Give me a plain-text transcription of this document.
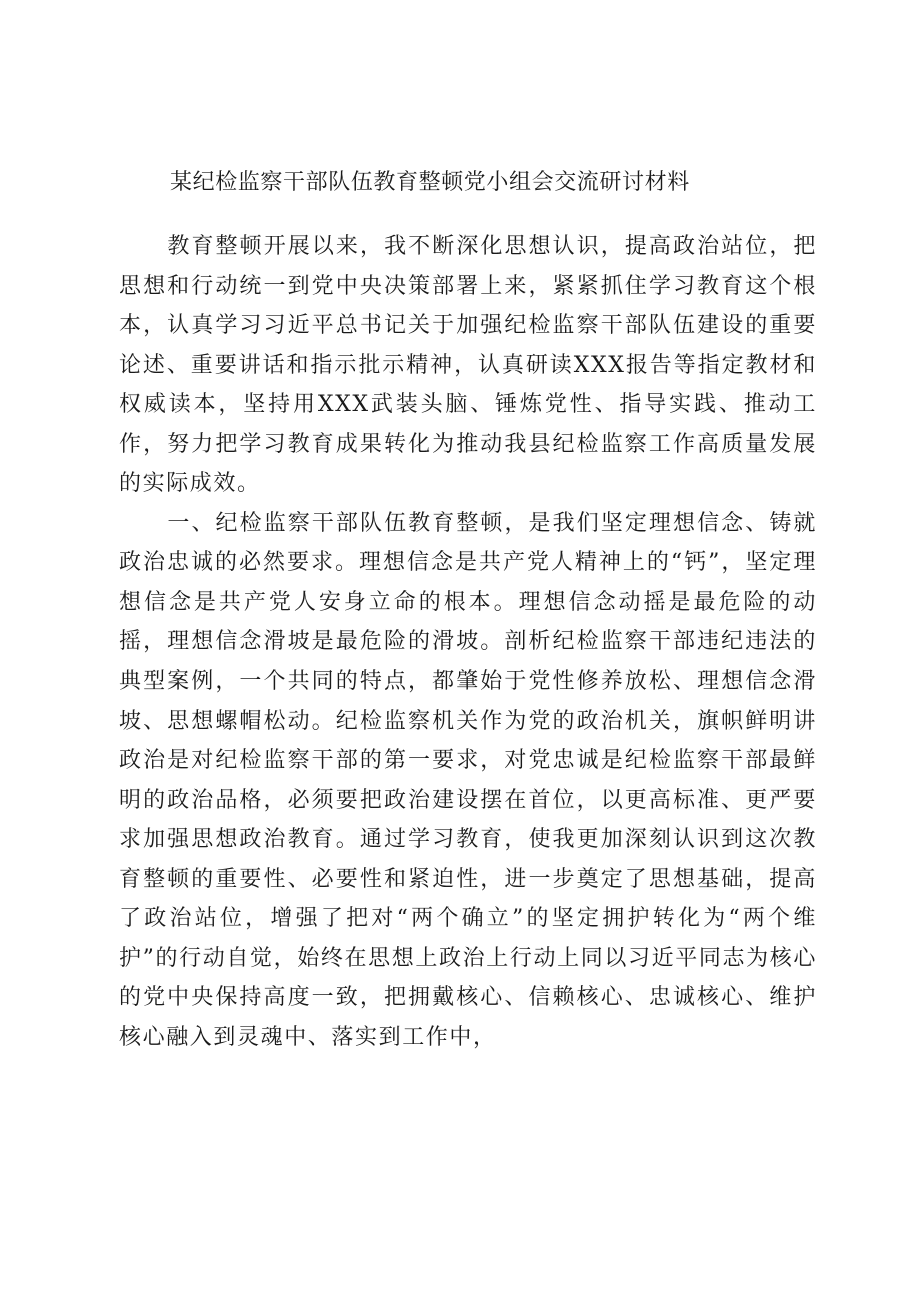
某纪检监察干部队伍教育整顿党小组会交流研讨材料

教育整顿开展以来，我不断深化思想认识，提高政治站位，把思想和行动统一到党中央决策部署上来，紧紧抓住学习教育这个根本，认真学习习近平总书记关于加强纪检监察干部队伍建设的重要论述、重要讲话和指示批示精神，认真研读XXX报告等指定教材和权威读本，坚持用XXX武装头脑、锤炼党性、指导实践、推动工作，努力把学习教育成果转化为推动我县纪检监察工作高质量发展的实际成效。

一、纪检监察干部队伍教育整顿，是我们坚定理想信念、铸就政治忠诚的必然要求。理想信念是共产党人精神上的“钙”，坚定理想信念是共产党人安身立命的根本。理想信念动摇是最危险的动摇，理想信念滑坡是最危险的滑坡。剖析纪检监察干部违纪违法的典型案例，一个共同的特点，都肇始于党性修养放松、理想信念滑坡、思想螺帽松动。纪检监察机关作为党的政治机关，旗帜鲜明讲政治是对纪检监察干部的第一要求，对党忠诚是纪检监察干部最鲜明的政治品格，必须要把政治建设摆在首位，以更高标准、更严要求加强思想政治教育。通过学习教育，使我更加深刻认识到这次教育整顿的重要性、必要性和紧迫性，进一步奠定了思想基础，提高了政治站位，增强了把对“两个确立”的坚定拥护转化为“两个维护”的行动自觉，始终在思想上政治上行动上同以习近平同志为核心的党中央保持高度一致，把拥戴核心、信赖核心、忠诚核心、维护核心融入到灵魂中、落实到工作中，
